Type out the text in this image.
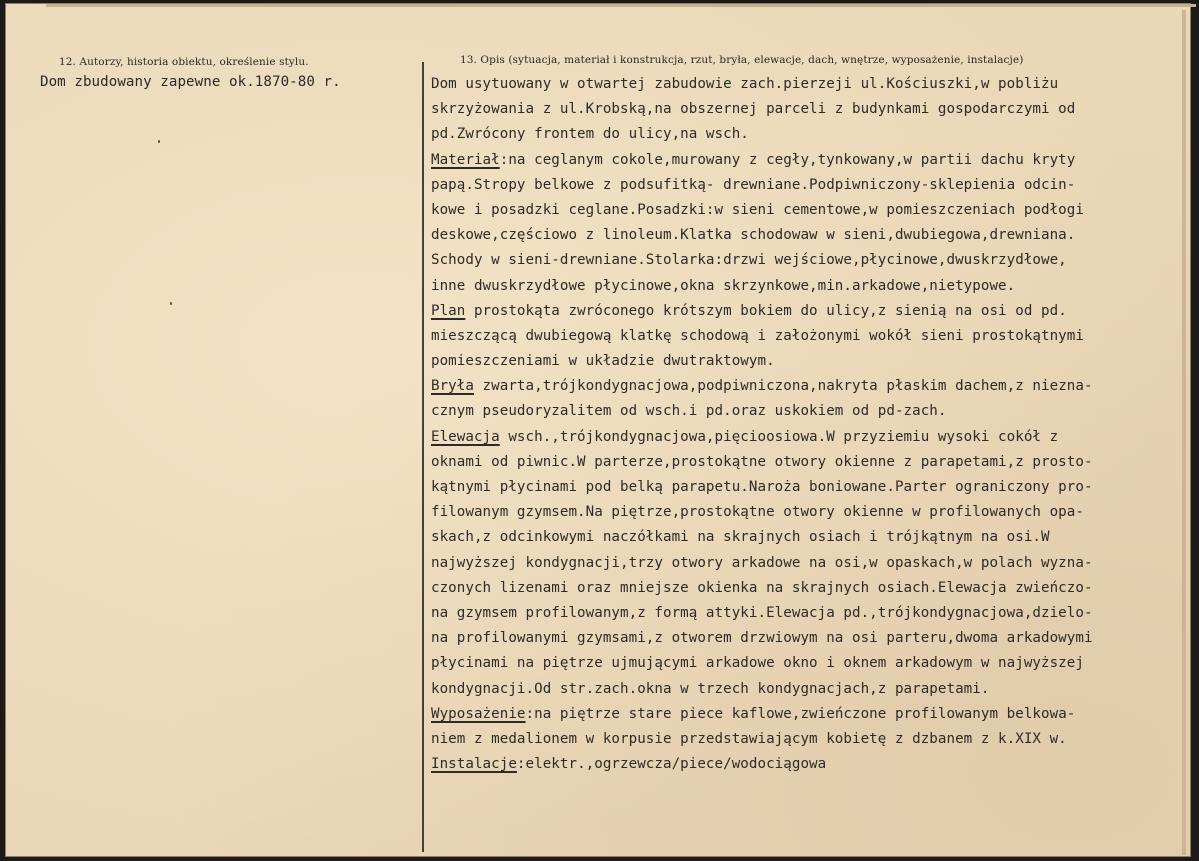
12. Autorzy, historia obiektu, określenie stylu.	13. Opis (sytuacja, materiał i konstrukcja, rzut, bryła, elewacje, dach, wnętrze, wyposażenie, instalacje)
Dom zbudowany zapewne ok.1870-80 r.	Dom usytuowany w otwartej zabudowie zach.pierzeji ul.Kościuszki,w pobliżu
skrzyżowania z ul.Krobską,na obszernej parceli z budynkami gospodarczymi od
pd.Zwrócony frontem do ulicy,na wsch.
Materiał:na ceglanym cokole,murowany z cegły,tynkowany,w partii dachu kryty
papą.Stropy belkowe z podsufitką- drewniane.Podpiwniczony-sklepienia odcin-
kowe i posadzki ceglane.Posadzki:w sieni cementowe,w pomieszczeniach podłogi
deskowe,częściowo z linoleum.Klatka schodowaw w sieni,dwubiegowa,drewniana.
Schody w sieni-drewniane.Stolarka:drzwi wejściowe,płycinowe,dwuskrzydłowe,
inne dwuskrzydłowe płycinowe,okna skrzynkowe,min.arkadowe,nietypowe.
Plan prostokąta zwróconego krótszym bokiem do ulicy,z sienią na osi od pd.
mieszczącą dwubiegową klatkę schodową i założonymi wokół sieni prostokątnymi
pomieszczeniami w układzie dwutraktowym.
Bryła zwarta,trójkondygnacjowa,podpiwniczona,nakryta płaskim dachem,z niezna-
cznym pseudoryzalitem od wsch.i pd.oraz uskokiem od pd-zach.
Elewacja wsch.,trójkondygnacjowa,pięcioosiowa.W przyziemiu wysoki cokół z
oknami od piwnic.W parterze,prostokątne otwory okienne z parapetami,z prosto-
kątnymi płycinami pod belką parapetu.Naroża boniowane.Parter ograniczony pro-
filowanym gzymsem.Na piętrze,prostokątne otwory okienne w profilowanych opa-
skach,z odcinkowymi naczółkami na skrajnych osiach i trójkątnym na osi.W
najwyższej kondygnacji,trzy otwory arkadowe na osi,w opaskach,w polach wyzna-
czonych lizenami oraz mniejsze okienka na skrajnych osiach.Elewacja zwieńczo-
na gzymsem profilowanym,z formą attyki.Elewacja pd.,trójkondygnacjowa,dzielo-
na profilowanymi gzymsami,z otworem drzwiowym na osi parteru,dwoma arkadowymi
płycinami na piętrze ujmującymi arkadowe okno i oknem arkadowym w najwyższej
kondygnacji.Od str.zach.okna w trzech kondygnacjach,z parapetami.
Wyposażenie:na piętrze stare piece kaflowe,zwieńczone profilowanym belkowa-
niem z medalionem w korpusie przedstawiającym kobietę z dzbanem z k.XIX w.
Instalacje:elektr.,ogrzewcza/piece/wodociągowa
